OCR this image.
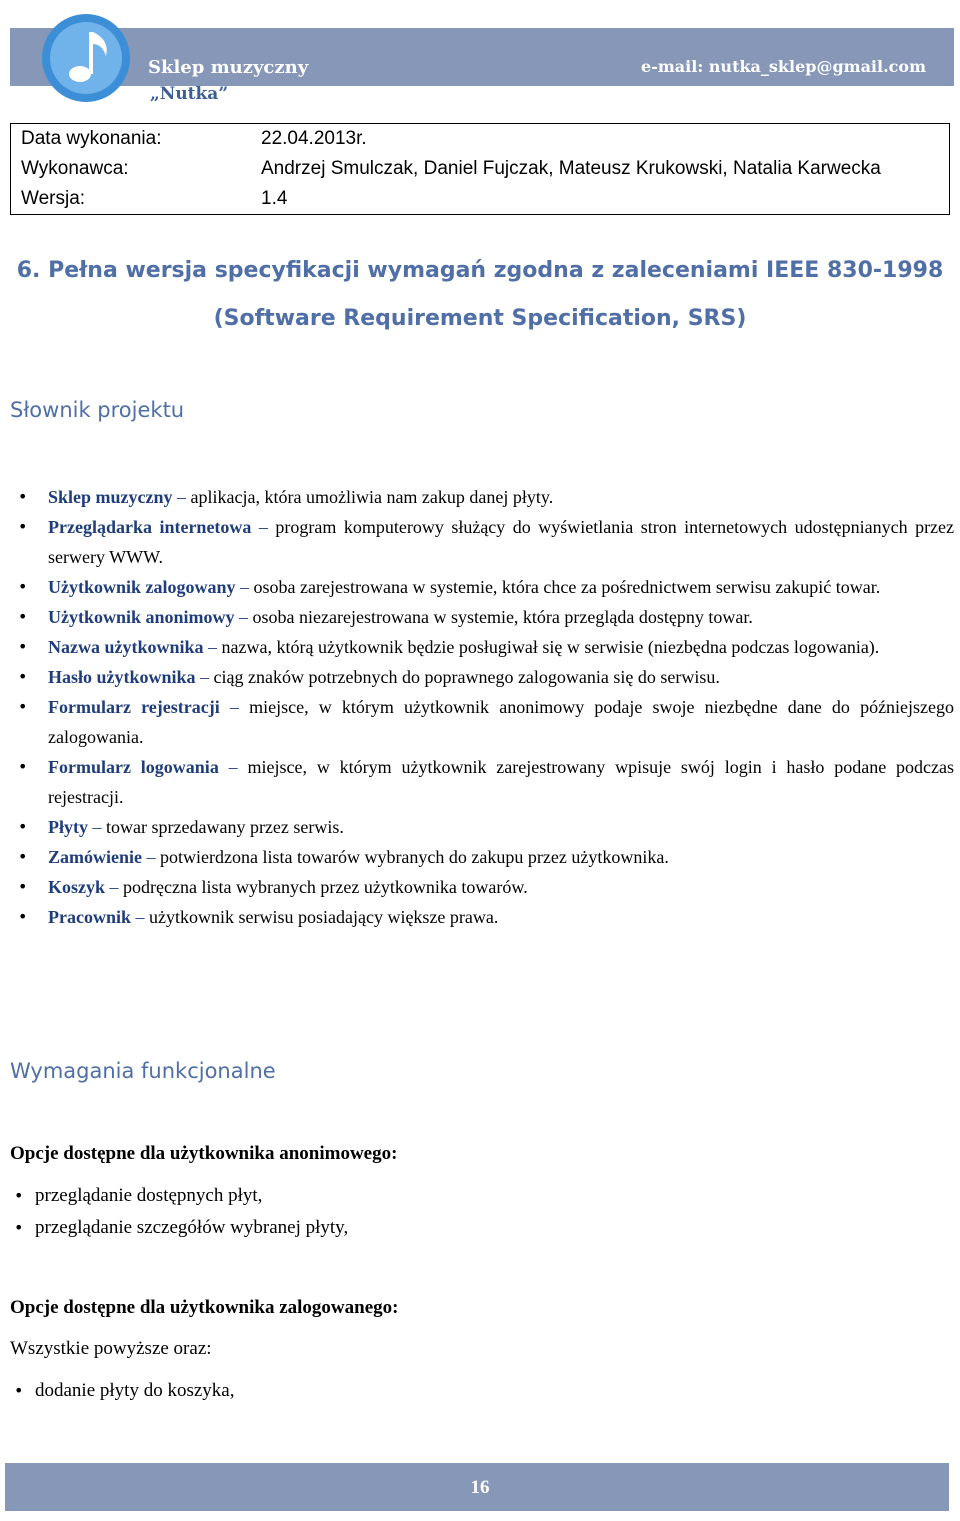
Sklep muzyczny
„Nutka”
e-mail: nutka_sklep@gmail.com
Data wykonania:	22.04.2013r.
Wykonawca:	Andrzej Smulczak, Daniel Fujczak, Mateusz Krukowski, Natalia Karwecka
Wersja:	1.4
6. Pełna wersja specyfikacji wymagań zgodna z zaleceniami IEEE 830-1998
(Software Requirement Specification, SRS)
Słownik projektu
• Sklep muzyczny – aplikacja, która umożliwia nam zakup danej płyty.
• Przeglądarka internetowa – program komputerowy służący do wyświetlania stron internetowych udostępnianych przez serwery WWW.
• Użytkownik zalogowany – osoba zarejestrowana w systemie, która chce za pośrednictwem serwisu zakupić towar.
• Użytkownik anonimowy – osoba niezarejestrowana w systemie, która przegląda dostępny towar.
• Nazwa użytkownika – nazwa, którą użytkownik będzie posługiwał się w serwisie (niezbędna podczas logowania).
• Hasło użytkownika – ciąg znaków potrzebnych do poprawnego zalogowania się do serwisu.
• Formularz rejestracji – miejsce, w którym użytkownik anonimowy podaje swoje niezbędne dane do późniejszego zalogowania.
• Formularz logowania – miejsce, w którym użytkownik zarejestrowany wpisuje swój login i hasło podane podczas rejestracji.
• Płyty – towar sprzedawany przez serwis.
• Zamówienie – potwierdzona lista towarów wybranych do zakupu przez użytkownika.
• Koszyk – podręczna lista wybranych przez użytkownika towarów.
• Pracownik – użytkownik serwisu posiadający większe prawa.
Wymagania funkcjonalne
Opcje dostępne dla użytkownika anonimowego:
• przeglądanie dostępnych płyt,
• przeglądanie szczegółów wybranej płyty,
Opcje dostępne dla użytkownika zalogowanego:
Wszystkie powyższe oraz:
• dodanie płyty do koszyka,
16
